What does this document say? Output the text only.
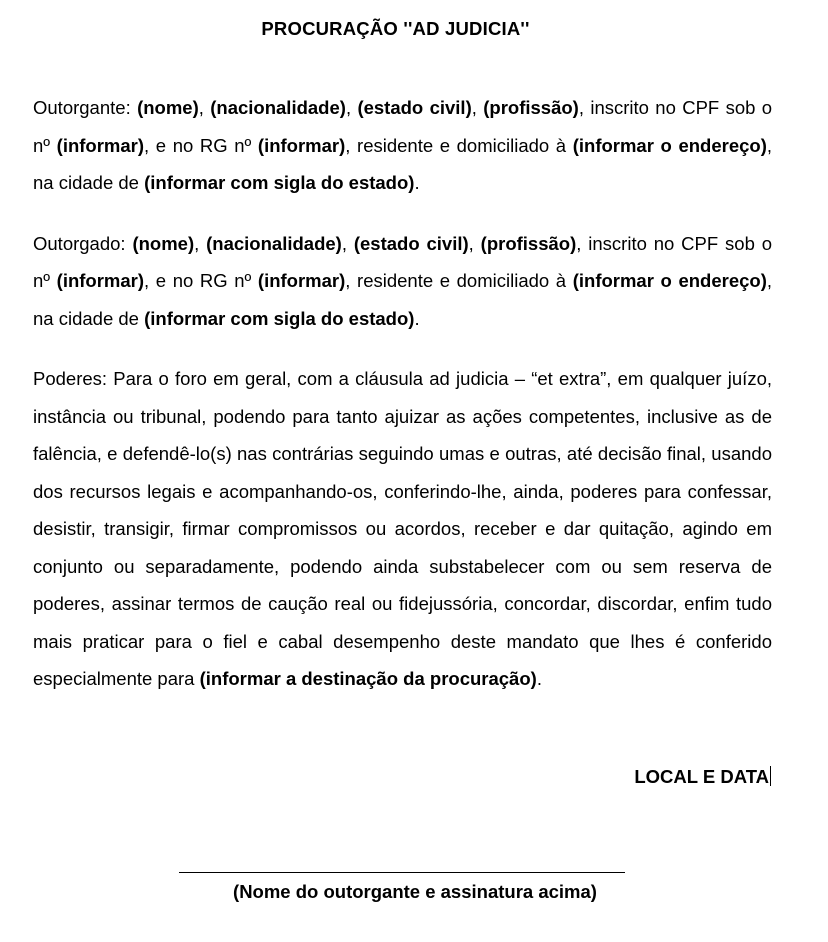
PROCURAÇÃO ''AD JUDICIA''

Outorgante: (nome), (nacionalidade), (estado civil), (profissão), inscrito no CPF sob o nº (informar), e no RG nº (informar), residente e domiciliado à (informar o endereço), na cidade de (informar com sigla do estado).

Outorgado: (nome), (nacionalidade), (estado civil), (profissão), inscrito no CPF sob o nº (informar), e no RG nº (informar), residente e domiciliado à (informar o endereço), na cidade de (informar com sigla do estado).

Poderes: Para o foro em geral, com a cláusula ad judicia – “et extra”, em qualquer juízo, instância ou tribunal, podendo para tanto ajuizar as ações competentes, inclusive as de falência, e defendê-lo(s) nas contrárias seguindo umas e outras, até decisão final, usando dos recursos legais e acompanhando-os, conferindo-lhe, ainda, poderes para confessar, desistir, transigir, firmar compromissos ou acordos, receber e dar quitação, agindo em conjunto ou separadamente, podendo ainda substabelecer com ou sem reserva de poderes, assinar termos de caução real ou fidejussória, concordar, discordar, enfim tudo mais praticar para o fiel e cabal desempenho deste mandato que lhes é conferido especialmente para (informar a destinação da procuração).

LOCAL E DATA
(Nome do outorgante e assinatura acima)
